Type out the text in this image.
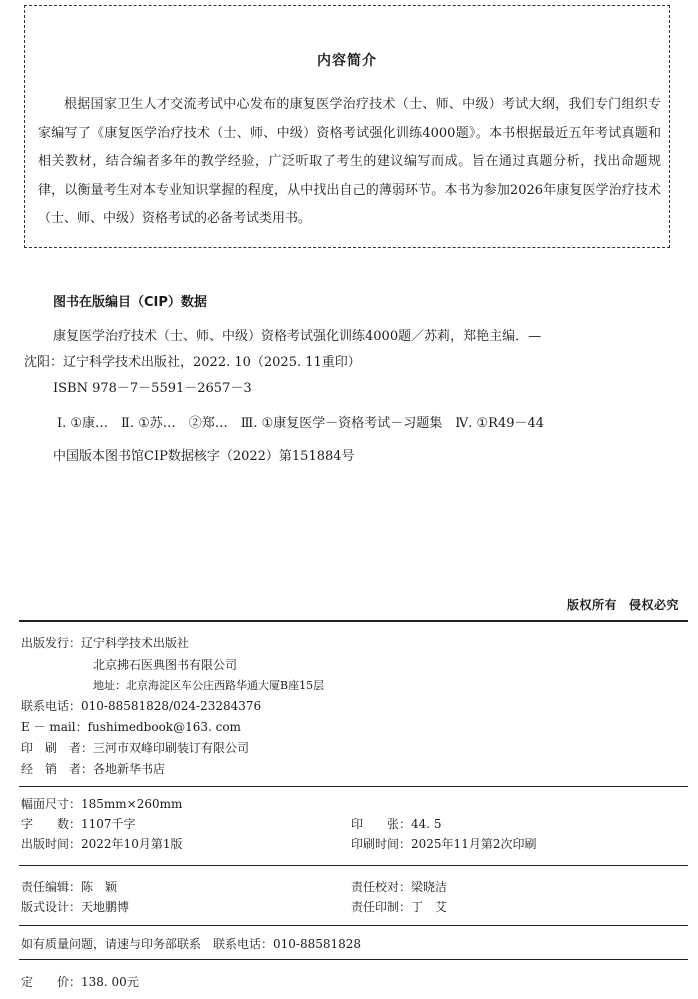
内容简介
根据国家卫生人才交流考试中心发布的康复医学治疗技术（士、师、中级）考试大纲，我们专门组织专家编写了《康复医学治疗技术（士、师、中级）资格考试强化训练4000题》。本书根据最近五年考试真题和相关教材，结合编者多年的教学经验，广泛听取了考生的建议编写而成。旨在通过真题分析，找出命题规律，以衡量考生对本专业知识掌握的程度，从中找出自己的薄弱环节。本书为参加2026年康复医学治疗技术（士、师、中级）资格考试的必备考试类用书。
图书在版编目（CIP）数据
康复医学治疗技术（士、师、中级）资格考试强化训练4000题／苏莉，郑艳主编．—
沈阳：辽宁科学技术出版社，2022. 10（2025. 11重印）
ISBN 978－7－5591－2657－3
Ⅰ. ①康…　Ⅱ. ①苏…　②郑…　Ⅲ. ①康复医学－资格考试－习题集　Ⅳ. ①R49－44
中国版本图书馆CIP数据核字（2022）第151884号
版权所有 侵权必究
出版发行：辽宁科学技术出版社
北京拂石医典图书有限公司
地址：北京海淀区车公庄西路华通大厦B座15层
联系电话：010-88581828/024-23284376
E － mail：fushimedbook@163. com
印　刷　者：三河市双峰印刷装订有限公司
经　销　者：各地新华书店
幅面尺寸：185mm×260mm
字　　数：1107千字	印　　张：44. 5
出版时间：2022年10月第1版	印刷时间：2025年11月第2次印刷
责任编辑：陈　颖	责任校对：梁晓洁
版式设计：天地鹏博	责任印制：丁　艾
如有质量问题，请速与印务部联系　联系电话：010-88581828
定　　价：138. 00元
